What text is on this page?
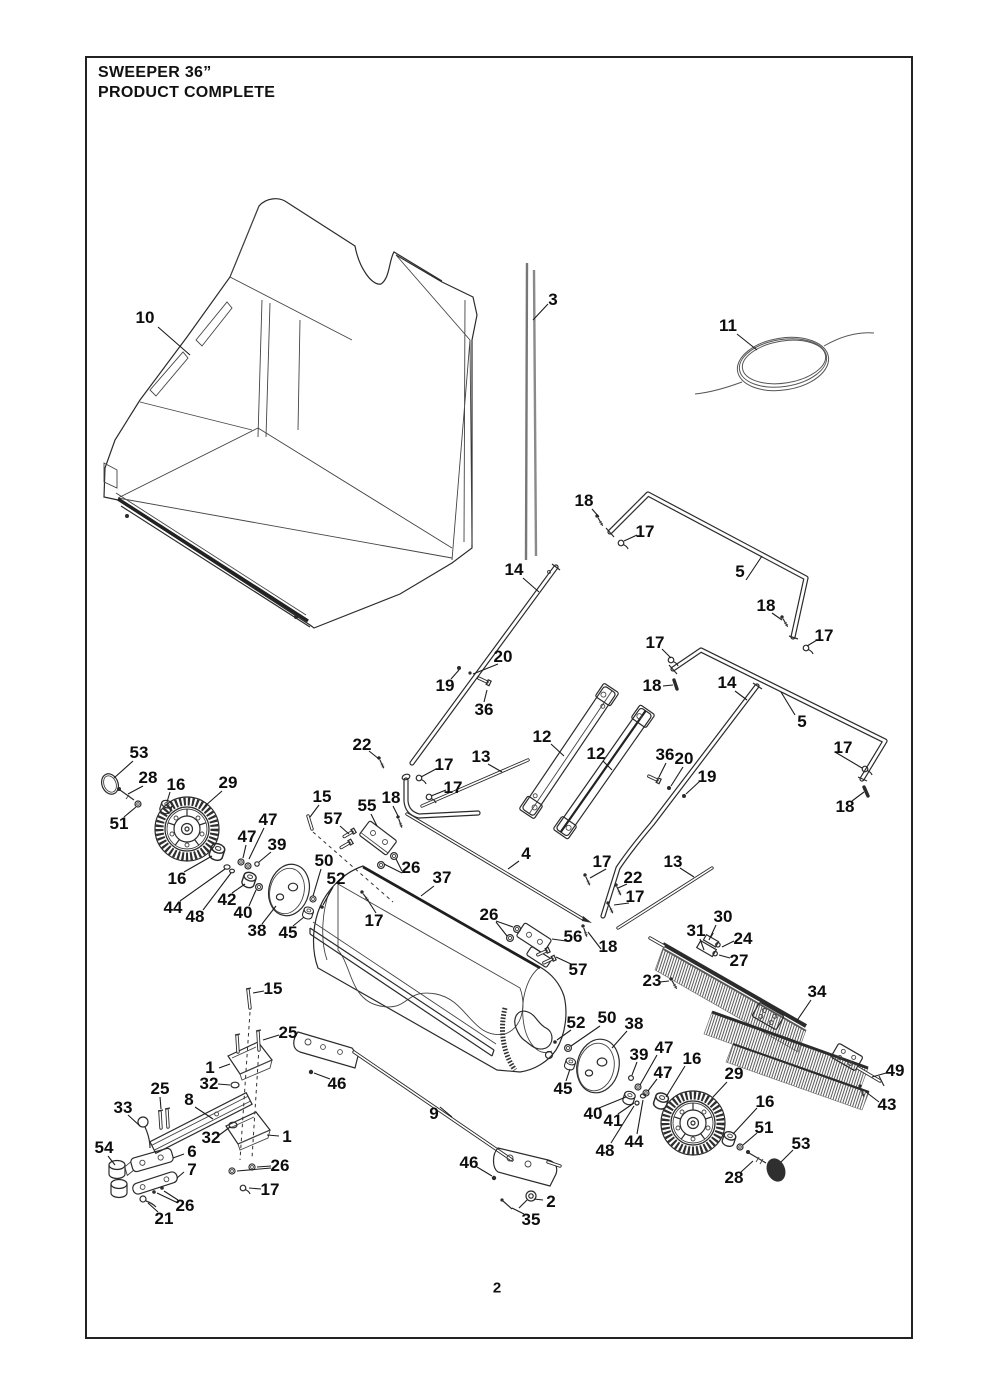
SWEEPER 36”
PRODUCT COMPLETE
10
3
11
18
17
5
18
17
14
17
18	14
5
17
18
20
19
36
22
17 13
17
18
12
12	36 20
19
53
28 16 29
51	47
47 39
16
44 48
42
40
38 45
15 55
57
50
52
26
17
37
4	17
22
17
26
56
18
57
13
30
31 24
27
23
34
49
43
15
25
1
32
8
25
33
54	6
7
32	1
26
17
21
26
46
46
9
2
35
52 50 38
45
39 47
47
16
29
16
51
53
28
40 41
48 44
2
